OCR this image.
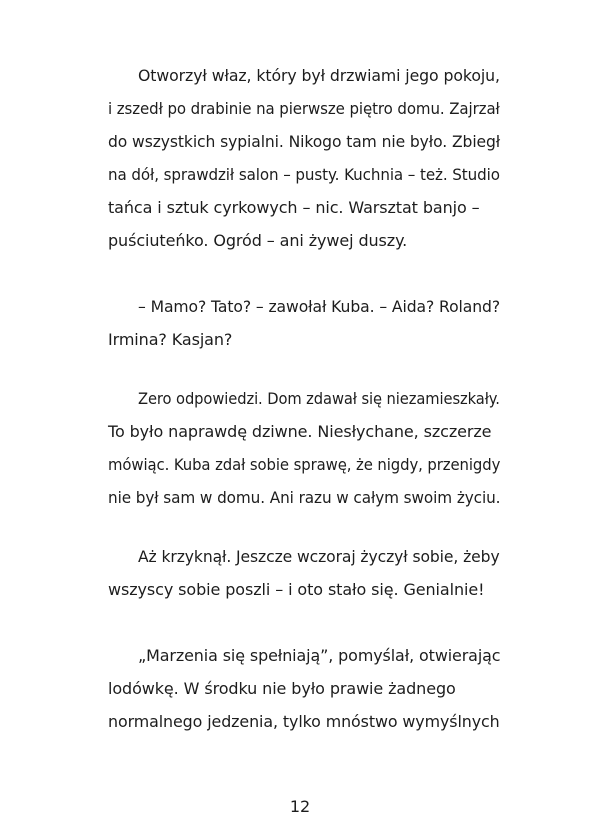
Otworzył właz, który był drzwiami jego pokoju,
i zszedł po drabinie na pierwsze piętro domu. Zajrzał
do wszystkich sypialni. Nikogo tam nie było. Zbiegł
na dół, sprawdził salon – pusty. Kuchnia – też. Studio
tańca i sztuk cyrkowych – nic. Warsztat banjo –
puściuteńko. Ogród – ani żywej duszy.
– Mamo? Tato? – zawołał Kuba. – Aida? Roland?
Irmina? Kasjan?
Zero odpowiedzi. Dom zdawał się niezamieszkały.
To było naprawdę dziwne. Niesłychane, szczerze
mówiąc. Kuba zdał sobie sprawę, że nigdy, przenigdy
nie był sam w domu. Ani razu w całym swoim życiu.
Aż krzyknął. Jeszcze wczoraj życzył sobie, żeby
wszyscy sobie poszli – i oto stało się. Genialnie!
„Marzenia się spełniają”, pomyślał, otwierając
lodówkę. W środku nie było prawie żadnego
normalnego jedzenia, tylko mnóstwo wymyślnych
12
